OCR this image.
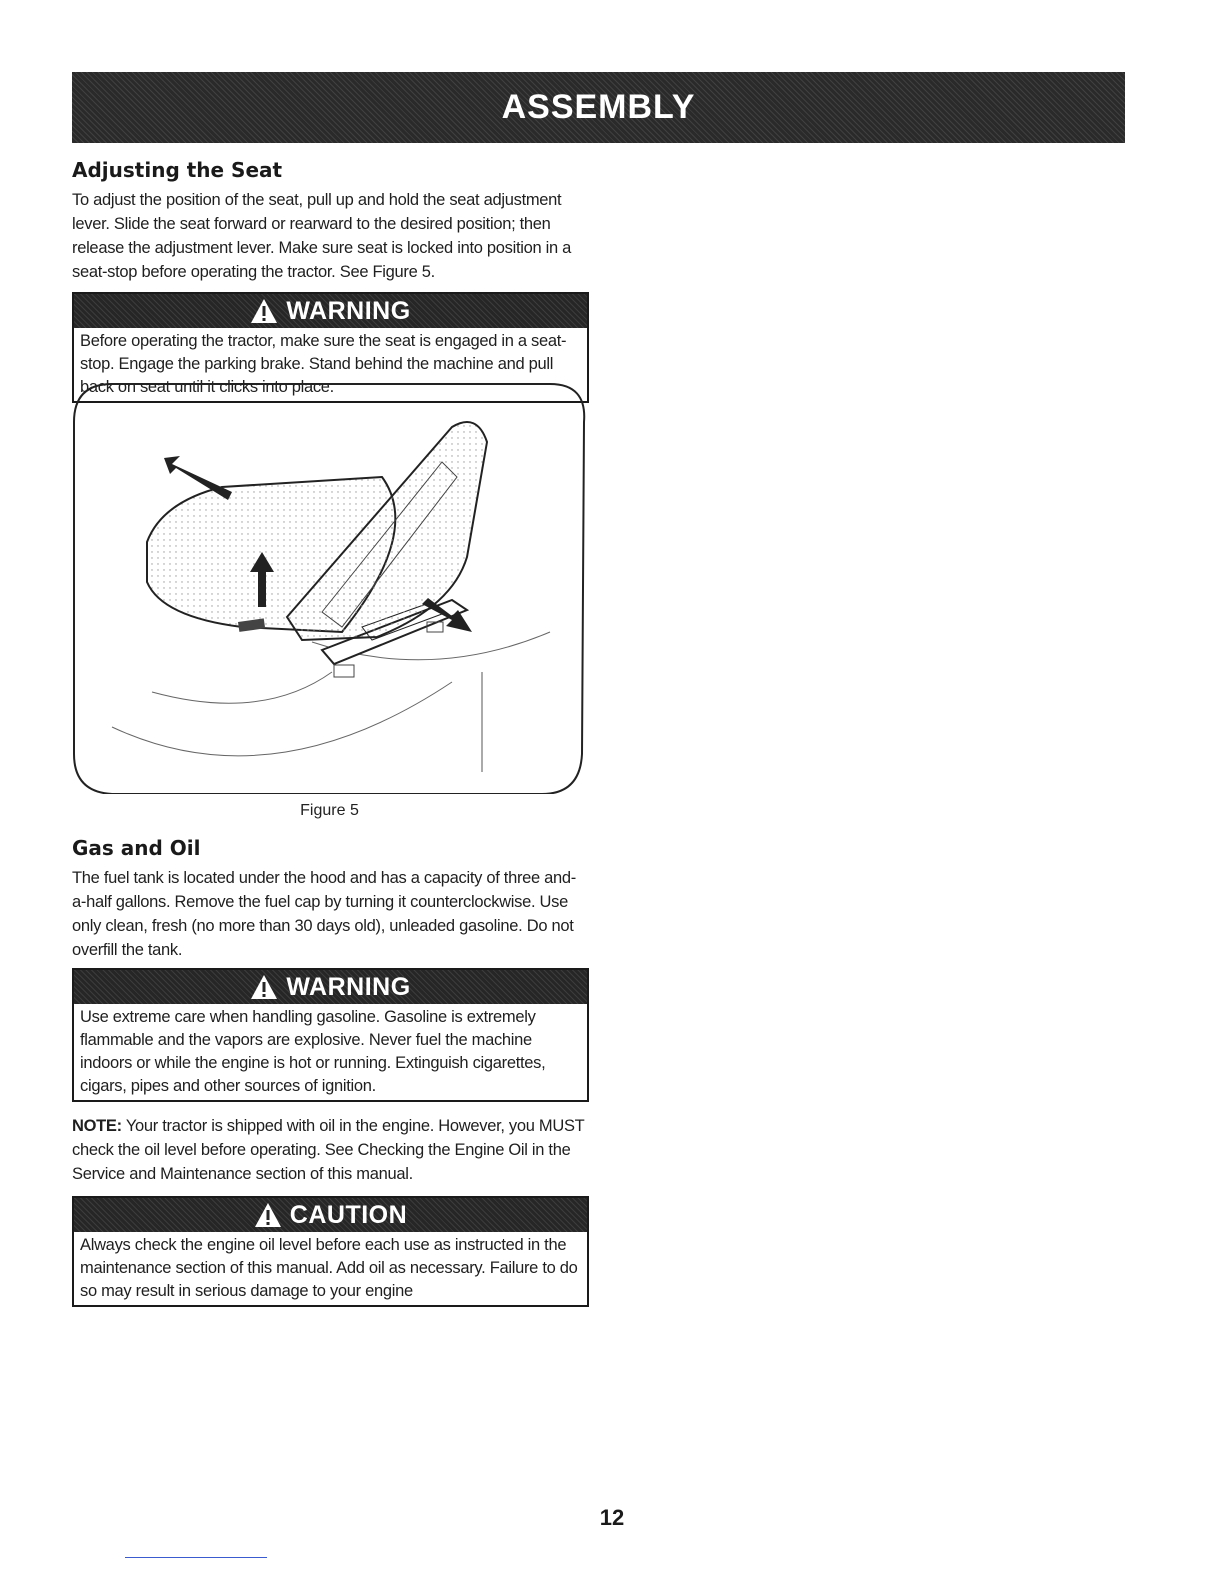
ASSEMBLY
Adjusting the Seat

To adjust the position of the seat, pull up and hold the seat adjustment lever. Slide the seat forward or rearward to the desired position; then release the adjustment lever. Make sure seat is locked into position in a seat-stop before operating the tractor. See Figure 5.

WARNING
Before operating the tractor, make sure the seat is engaged in a seat-stop. Engage the parking brake. Stand behind the machine and pull back on seat until it clicks into place.
Figure 5
Gas and Oil

The fuel tank is located under the hood and has a capacity of three and-a-half gallons. Remove the fuel cap by turning it counterclockwise. Use only clean, fresh (no more than 30 days old), unleaded gasoline. Do not overfill the tank.

WARNING
Use extreme care when handling gasoline. Gasoline is extremely flammable and the vapors are explosive. Never fuel the machine indoors or while the engine is hot or running. Extinguish cigarettes, cigars, pipes and other sources of ignition.

NOTE: Your tractor is shipped with oil in the engine. However, you MUST check the oil level before operating. See Checking the Engine Oil in the Service and Maintenance section of this manual.

CAUTION
Always check the engine oil level before each use as instructed in the maintenance section of this manual. Add oil as necessary. Failure to do so may result in serious damage to your engine
12
